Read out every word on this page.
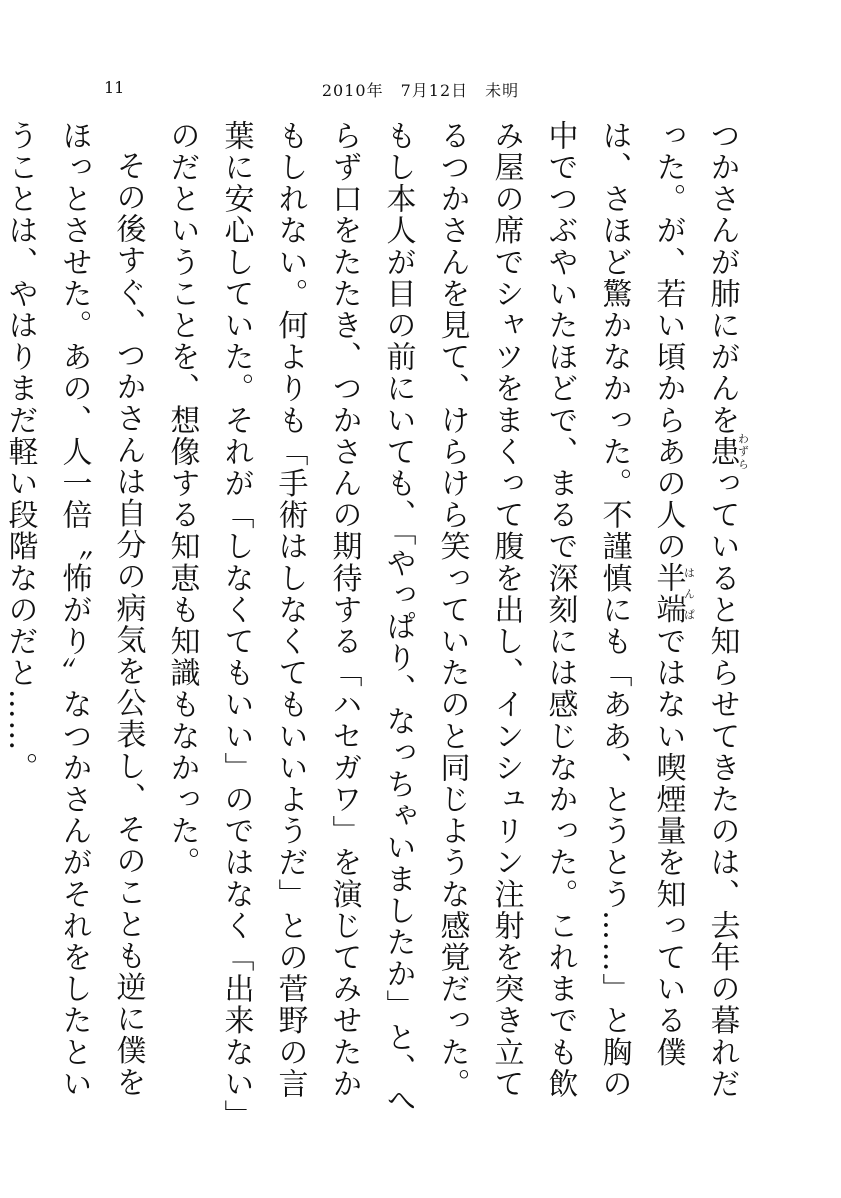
11	2010年　7月12日　未明

つかさんが肺にがんを患わずらっていると知らせてきたのは、去年の暮れだった。が、若い頃からあの人の半端はんぱではない喫煙量を知っている僕は、さほど驚かなかった。不謹慎にも「ああ、とうとう……」と胸の中でつぶやいたほどで、まるで深刻には感じなかった。これまでも飲み屋の席でシャツをまくって腹を出し、インシュリン注射を突き立てるつかさんを見て、けらけら笑っていたのと同じような感覚だった。もし本人が目の前にいても、「やっぱり、なっちゃいましたか」と、へらず口をたたき、つかさんの期待する「ハセガワ」を演じてみせたかもしれない。何よりも「手術はしなくてもいいようだ」との菅野の言葉に安心していた。それが「しなくてもいい」のではなく「出来ない」のだということを、想像する知恵も知識もなかった。

その後すぐ、つかさんは自分の病気を公表し、そのことも逆に僕をほっとさせた。あの、人一倍〝怖がり〟なつかさんがそれをしたということは、やはりまだ軽い段階なのだと……。
